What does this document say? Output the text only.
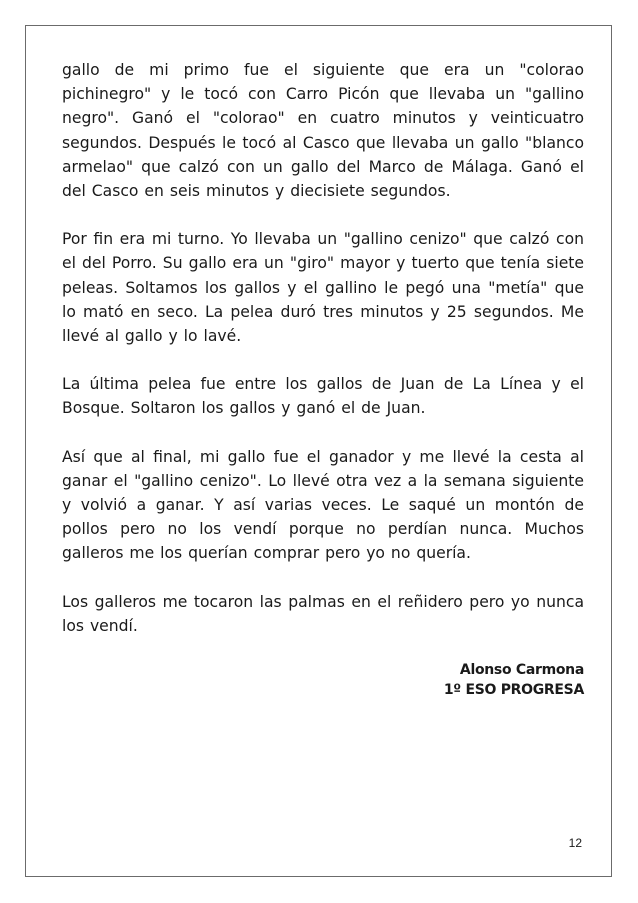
gallo de mi primo fue el siguiente que era un "colorao pichinegro" y le tocó con Carro Picón que llevaba un "gallino negro". Ganó el "colorao" en cuatro minutos y veinticuatro segundos. Después le tocó al Casco que llevaba un gallo "blanco armelao" que calzó con un gallo del Marco de Málaga. Ganó el del Casco en seis minutos y diecisiete segundos.

Por fin era mi turno. Yo llevaba un "gallino cenizo" que calzó con el del Porro. Su gallo era un "giro" mayor y tuerto que tenía siete peleas. Soltamos los gallos y el gallino le pegó una "metía" que lo mató en seco. La pelea duró tres minutos y 25 segundos. Me llevé al gallo y lo lavé.

La última pelea fue entre los gallos de Juan de La Línea y el Bosque. Soltaron los gallos y ganó el de Juan.

Así que al final, mi gallo fue el ganador y me llevé la cesta al ganar el "gallino cenizo". Lo llevé otra vez a la semana siguiente y volvió a ganar. Y así varias veces. Le saqué un montón de pollos pero no los vendí porque no perdían nunca. Muchos galleros me los querían comprar pero yo no quería.

Los galleros me tocaron las palmas en el reñidero pero yo nunca los vendí.

Alonso Carmona
1º ESO PROGRESA
12
